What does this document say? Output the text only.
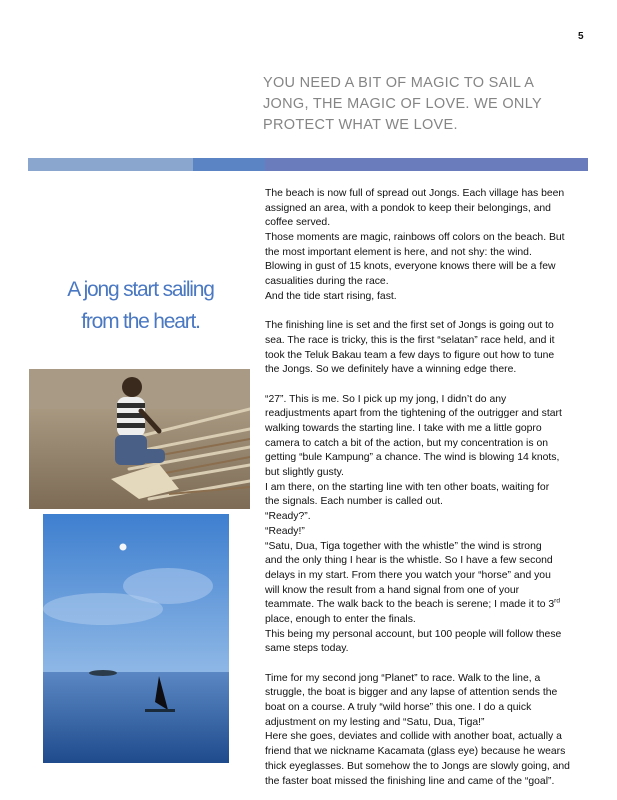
5
YOU NEED A BIT OF MAGIC TO SAIL A
JONG, THE MAGIC OF LOVE. WE ONLY
PROTECT WHAT WE LOVE.
A jong start sailing
from the heart.
The beach is now full of spread out Jongs. Each village has been
assigned an area, with a pondok to keep their belongings, and
coffee served.
Those moments are magic, rainbows off colors on the beach. But
the most important element is here, and not shy: the wind.
Blowing in gust of 15 knots, everyone knows there will be a few
casualities during the race.
And the tide start rising, fast.
The finishing line is set and the first set of Jongs is going out to
sea. The race is tricky, this is the first “selatan” race held, and it
took the Teluk Bakau team a few days to figure out how to tune
the Jongs. So we definitely have a winning edge there.
“27”. This is me. So I pick up my jong, I didn’t do any
readjustments apart from the tightening of the outrigger and start
walking towards the starting line. I take with me a little gopro
camera to catch a bit of the action, but my concentration is on
getting “bule Kampung” a chance. The wind is blowing 14 knots,
but slightly gusty.
I am there, on the starting line with ten other boats, waiting for
the signals. Each number is called out.
“Ready?”.
“Ready!”
“Satu, Dua, Tiga together with the whistle” the wind is strong
and the only thing I hear is the whistle. So I have a few second
delays in my start. From there you watch your “horse” and you
will know the result from a hand signal from one of your
teammate. The walk back to the beach is serene; I made it to 3rd
place, enough to enter the finals.
This being my personal account, but 100 people will follow these
same steps today.
Time for my second jong “Planet” to race. Walk to the line, a
struggle, the boat is bigger and any lapse of attention sends the
boat on a course. A truly “wild horse” this one. I do a quick
adjustment on my lesting and “Satu, Dua, Tiga!”
Here she goes, deviates and collide with another boat, actually a
friend that we nickname Kacamata (glass eye) because he wears
thick eyeglasses. But somehow the to Jongs are slowly going, and
the faster boat missed the finishing line and came of the “goal”.
